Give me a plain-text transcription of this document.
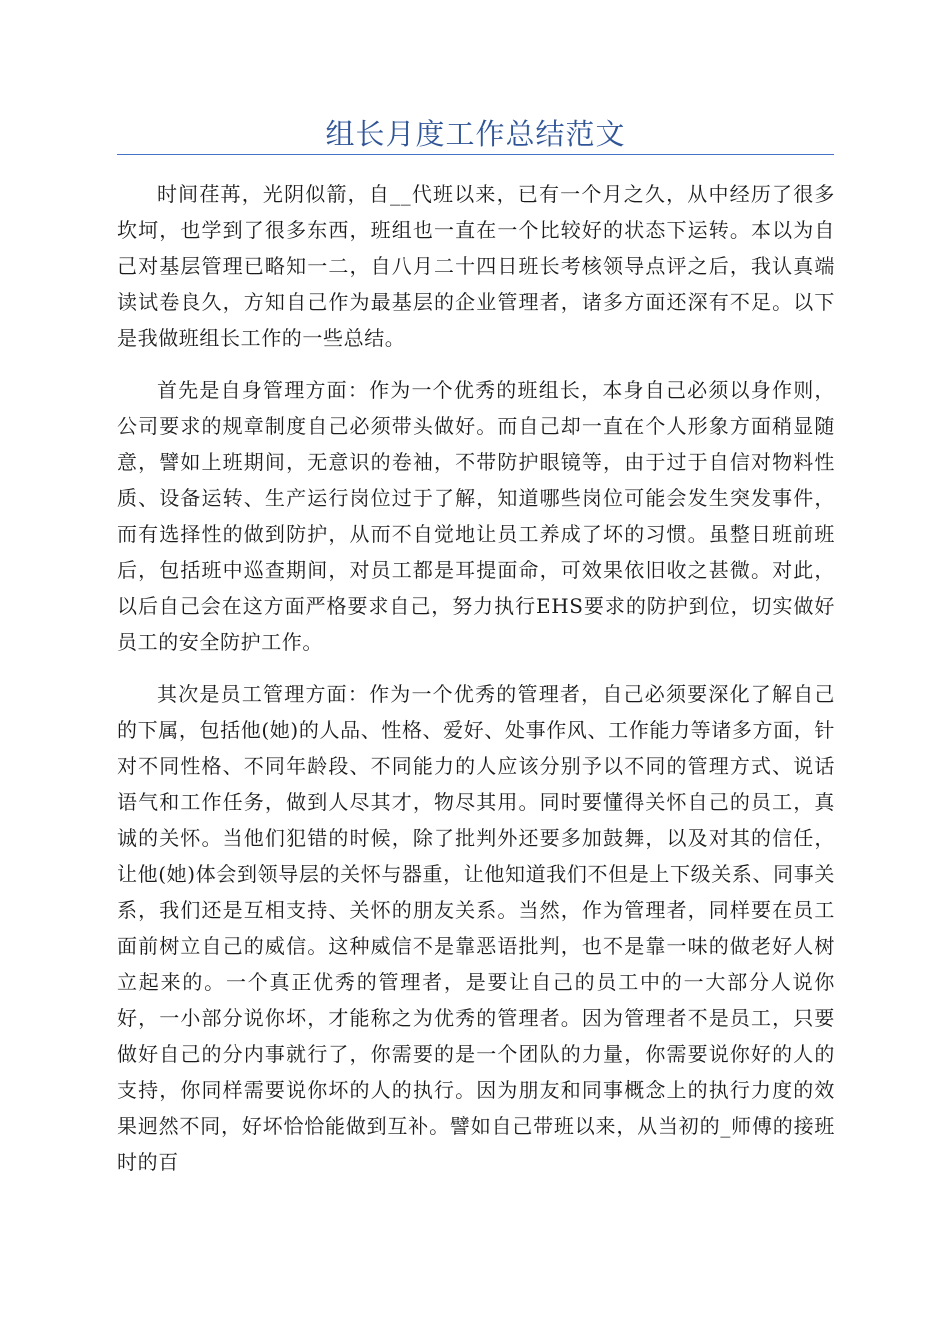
组长月度工作总结范文

时间荏苒，光阴似箭，自__代班以来，已有一个月之久，从中经历了很多坎坷，也学到了很多东西，班组也一直在一个比较好的状态下运转。本以为自己对基层管理已略知一二，自八月二十四日班长考核领导点评之后，我认真端读试卷良久，方知自己作为最基层的企业管理者，诸多方面还深有不足。以下是我做班组长工作的一些总结。

首先是自身管理方面：作为一个优秀的班组长，本身自己必须以身作则，公司要求的规章制度自己必须带头做好。而自己却一直在个人形象方面稍显随意，譬如上班期间，无意识的卷袖，不带防护眼镜等，由于过于自信对物料性质、设备运转、生产运行岗位过于了解，知道哪些岗位可能会发生突发事件，而有选择性的做到防护，从而不自觉地让员工养成了坏的习惯。虽整日班前班后，包括班中巡查期间，对员工都是耳提面命，可效果依旧收之甚微。对此，以后自己会在这方面严格要求自己，努力执行EHS要求的防护到位，切实做好员工的安全防护工作。

其次是员工管理方面：作为一个优秀的管理者，自己必须要深化了解自己的下属，包括他(她)的人品、性格、爱好、处事作风、工作能力等诸多方面，针对不同性格、不同年龄段、不同能力的人应该分别予以不同的管理方式、说话语气和工作任务，做到人尽其才，物尽其用。同时要懂得关怀自己的员工，真诚的关怀。当他们犯错的时候，除了批判外还要多加鼓舞，以及对其的信任，让他(她)体会到领导层的关怀与器重，让他知道我们不但是上下级关系、同事关系，我们还是互相支持、关怀的朋友关系。当然，作为管理者，同样要在员工面前树立自己的威信。这种威信不是靠恶语批判，也不是靠一味的做老好人树立起来的。一个真正优秀的管理者，是要让自己的员工中的一大部分人说你好，一小部分说你坏，才能称之为优秀的管理者。因为管理者不是员工，只要做好自己的分内事就行了，你需要的是一个团队的力量，你需要说你好的人的支持，你同样需要说你坏的人的执行。因为朋友和同事概念上的执行力度的效果迥然不同，好坏恰恰能做到互补。譬如自己带班以来，从当初的_师傅的接班时的百
